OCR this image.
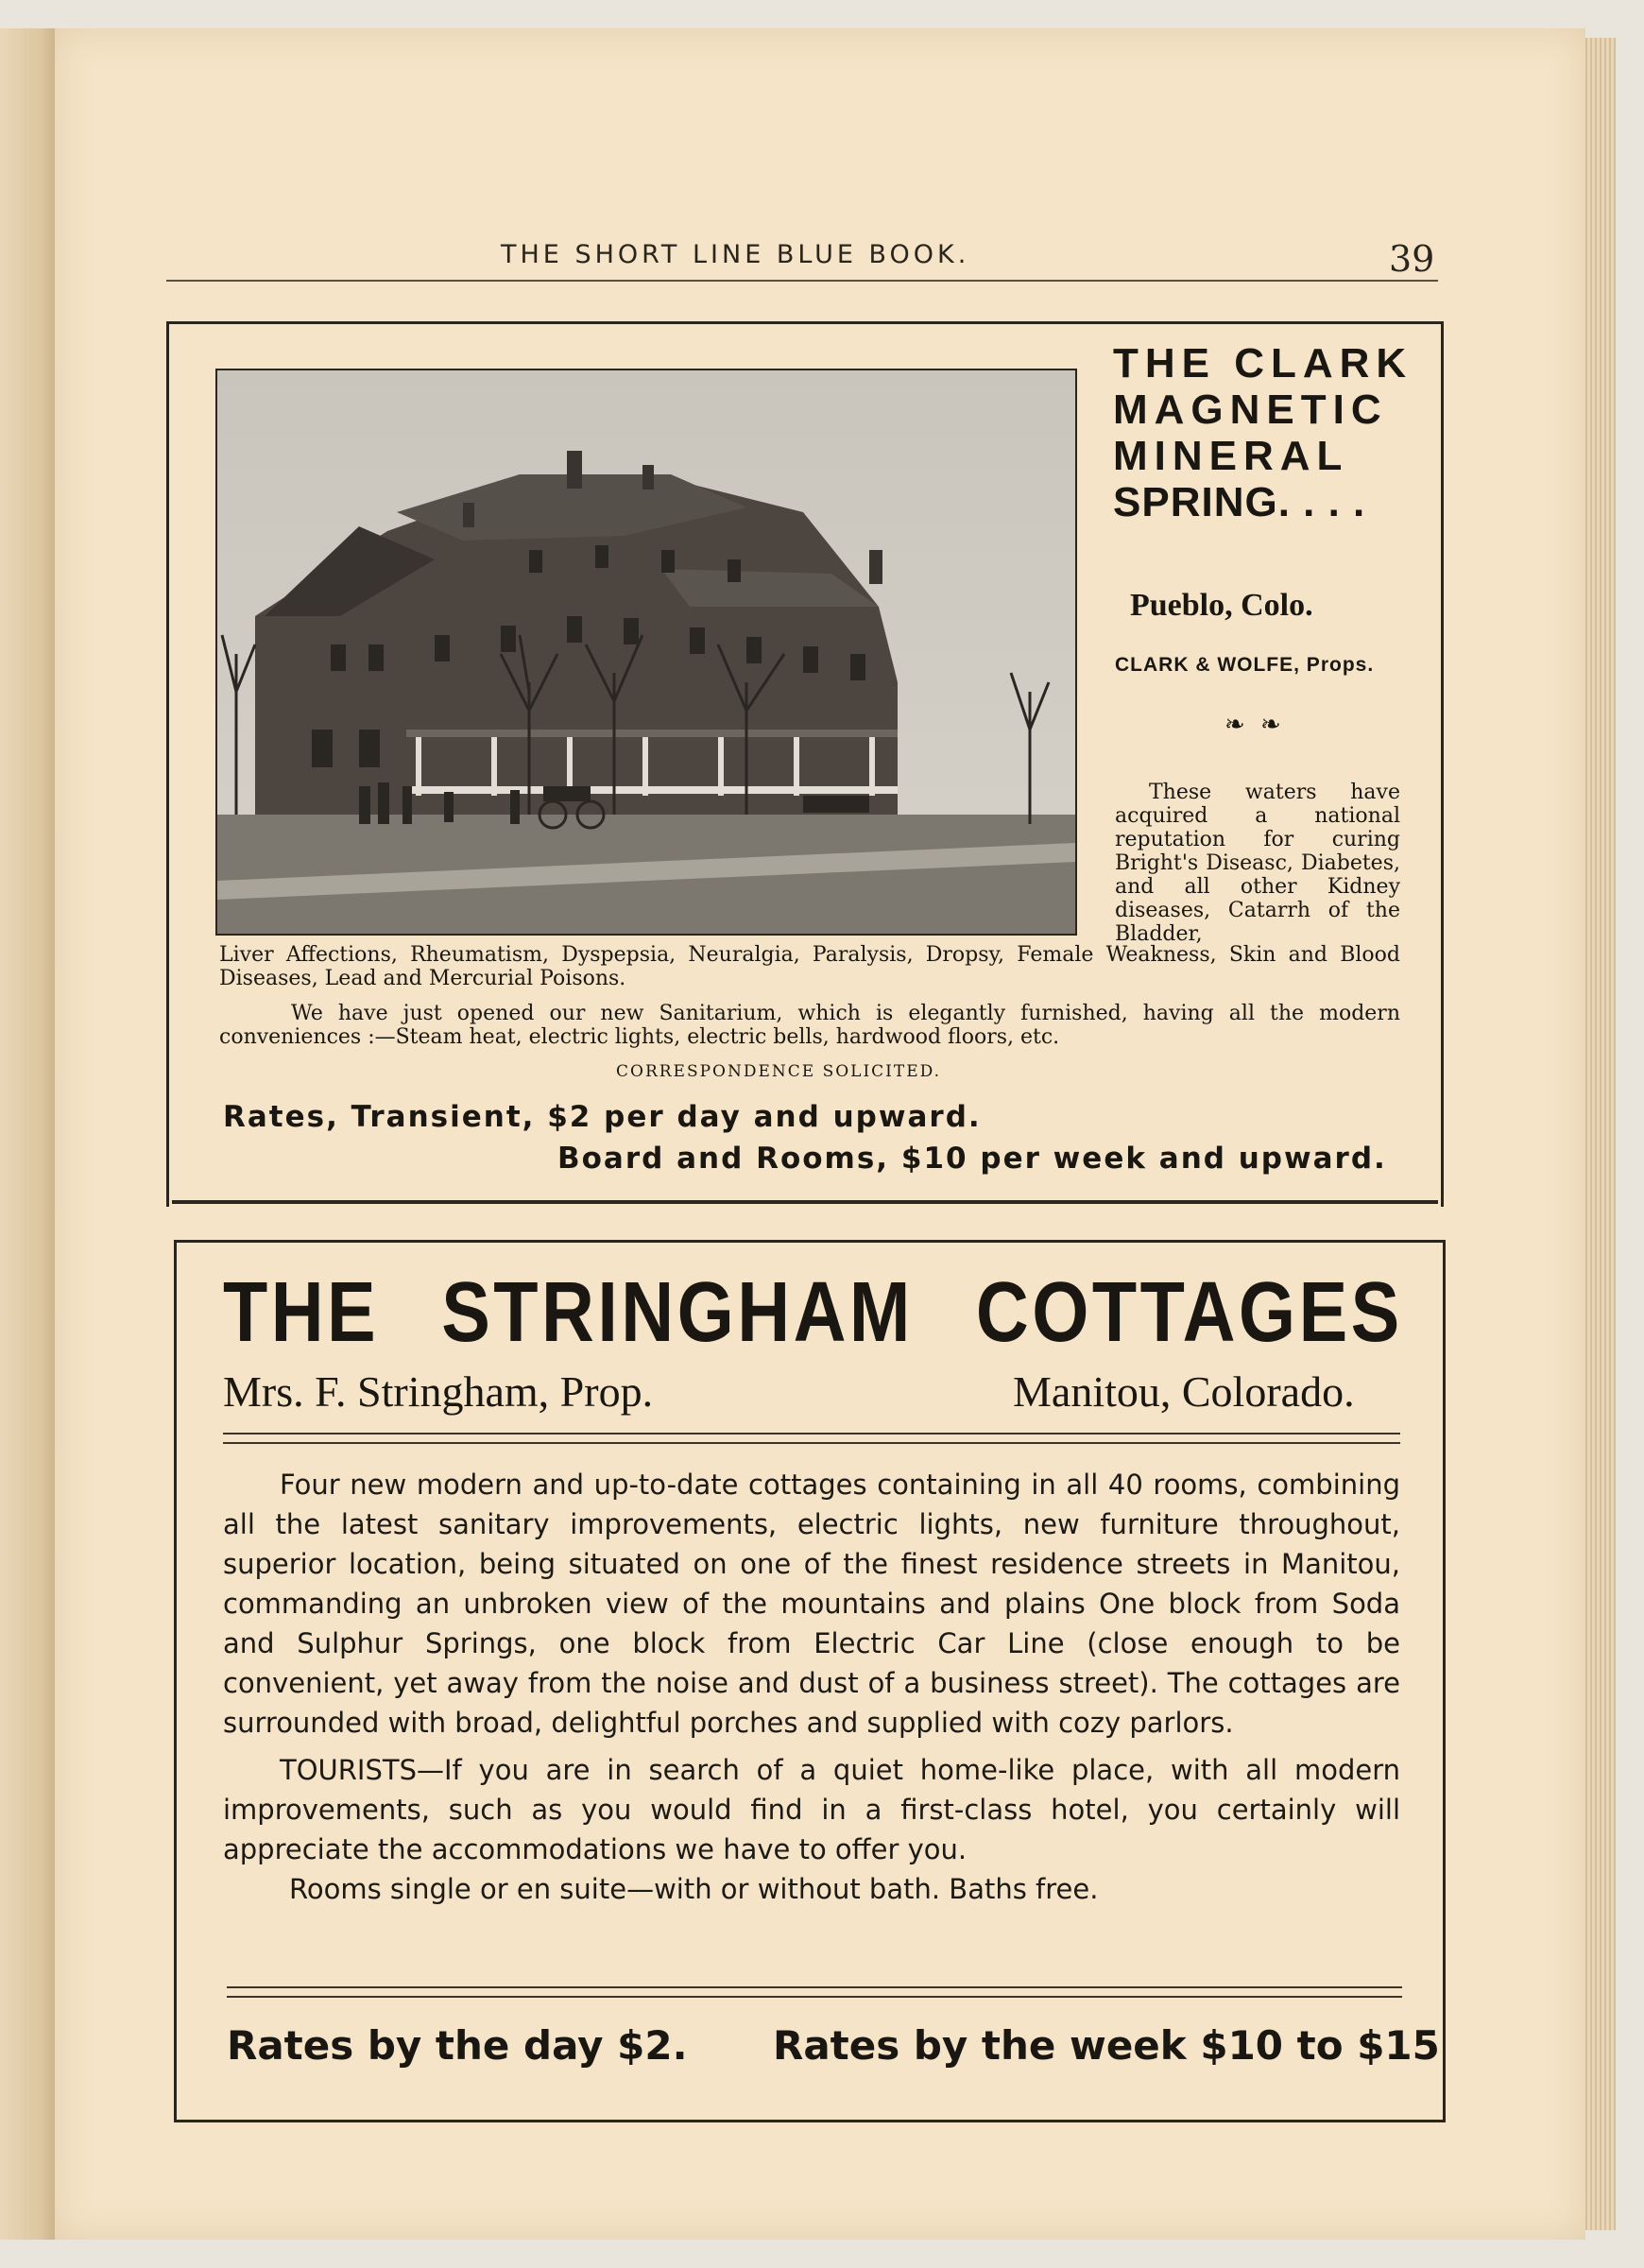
THE SHORT LINE BLUE BOOK.	39
THE CLARK
MAGNETIC
MINERAL
SPRING. . . .
Pueblo, Colo.
CLARK & WOLFE, Props.
❧ ❧
These waters have acquired a national reputation for curing Bright's Diseasc, Diabetes, and all other Kidney diseases, Catarrh of the Bladder,
Liver Affections, Rheumatism, Dyspepsia, Neuralgia, Paralysis, Dropsy, Female Weakness, Skin and Blood Diseases, Lead and Mercurial Poisons.
We have just opened our new Sanitarium, which is elegantly furnished, having all the modern conveniences :—Steam heat, electric lights, electric bells, hardwood floors, etc.
CORRESPONDENCE SOLICITED.
Rates, Transient, $2 per day and upward.
Board and Rooms, $10 per week and upward.
THE STRINGHAM COTTAGES
Mrs. F. Stringham, Prop.	Manitou, Colorado.

Four new modern and up-to-date cottages containing in all 40 rooms, combining all the latest sanitary improvements, electric lights, new furniture throughout, superior location, being situated on one of the finest residence streets in Manitou, commanding an unbroken view of the mountains and plains One block from Soda and Sulphur Springs, one block from Electric Car Line (close enough to be convenient, yet away from the noise and dust of a business street). The cottages are surrounded with broad, delightful porches and supplied with cozy parlors.

TOURISTS—If you are in search of a quiet home-like place, with all modern improvements, such as you would find in a first-class hotel, you certainly will appreciate the accommodations we have to offer you.

Rooms single or en suite—with or without bath. Baths free.

Rates by the day $2. Rates by the week $10 to $15
